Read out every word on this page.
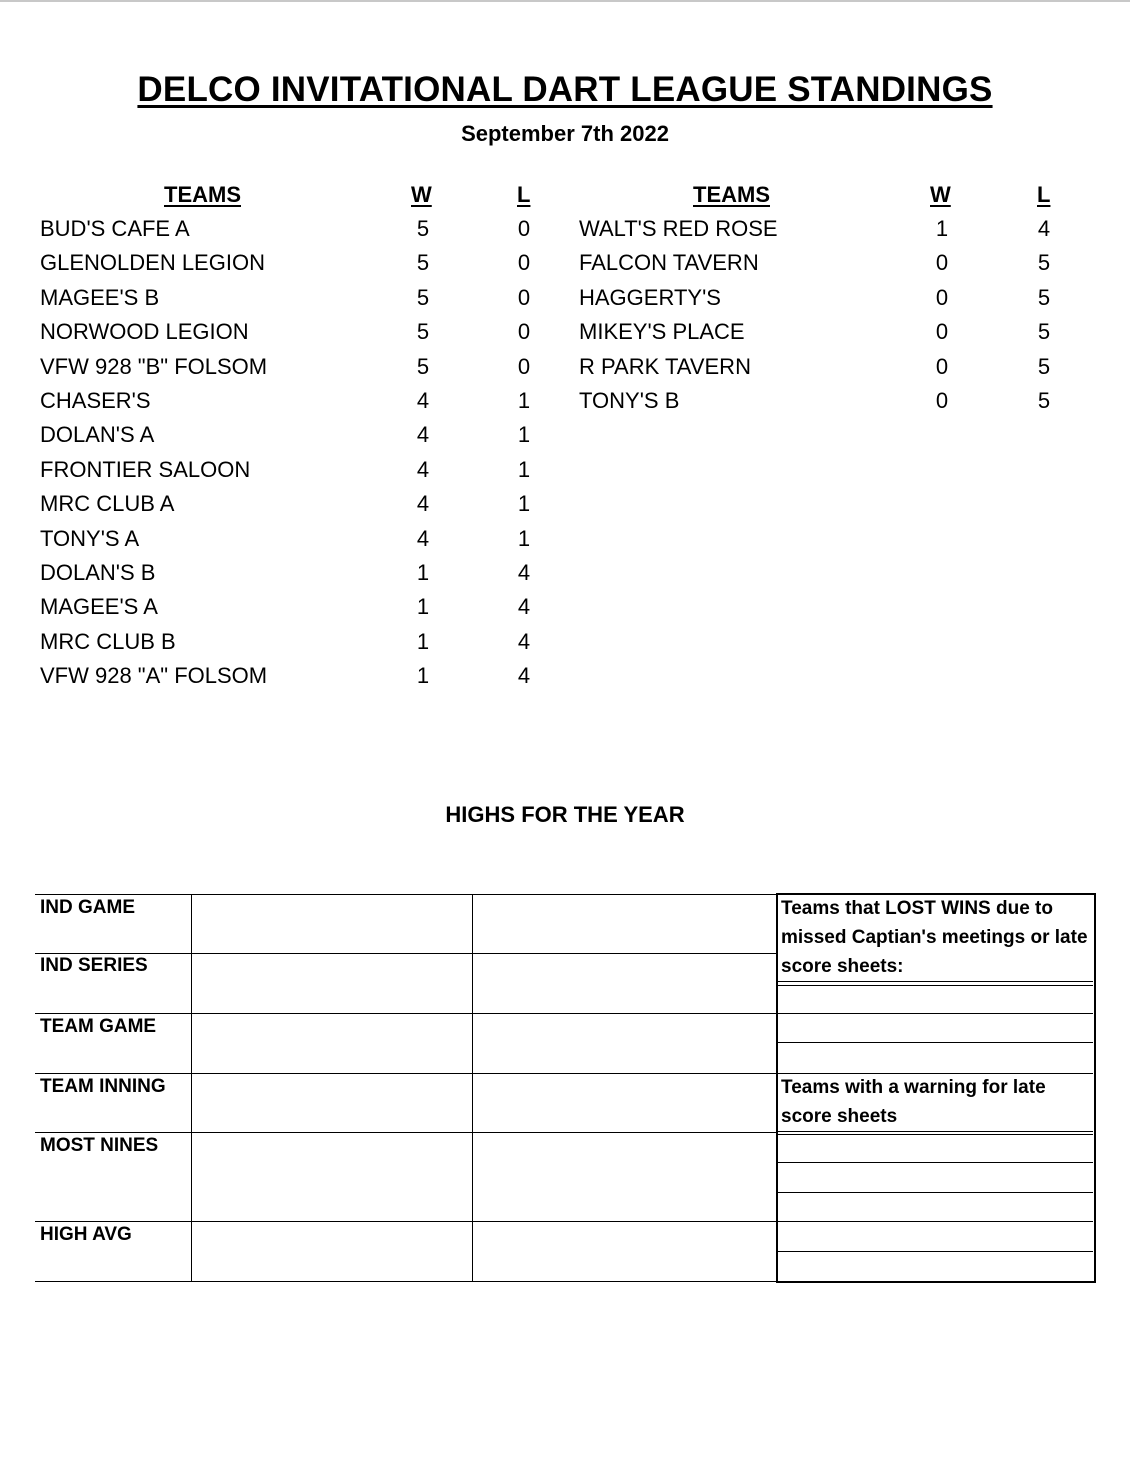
DELCO INVITATIONAL DART LEAGUE STANDINGS
September 7th 2022
TEAMS	W	L	TEAMS	W	L
BUD'S CAFE A	5	0
GLENOLDEN LEGION	5	0
MAGEE'S B	5	0
NORWOOD LEGION	5	0
VFW 928 "B" FOLSOM	5	0
CHASER'S	4	1
DOLAN'S A	4	1
FRONTIER SALOON	4	1
MRC CLUB A	4	1
TONY'S A	4	1
DOLAN'S B	1	4
MAGEE'S A	1	4
MRC CLUB B	1	4
VFW 928 "A" FOLSOM	1	4
WALT'S RED ROSE	1	4
FALCON TAVERN	0	5
HAGGERTY'S	0	5
MIKEY'S PLACE	0	5
R PARK TAVERN	0	5
TONY'S B	0	5
HIGHS FOR THE YEAR
IND GAME
IND SERIES
TEAM GAME
TEAM INNING
MOST NINES
HIGH AVG
Teams that LOST WINS due to missed Captian's meetings or late score sheets:
Teams with a warning for late score sheets
